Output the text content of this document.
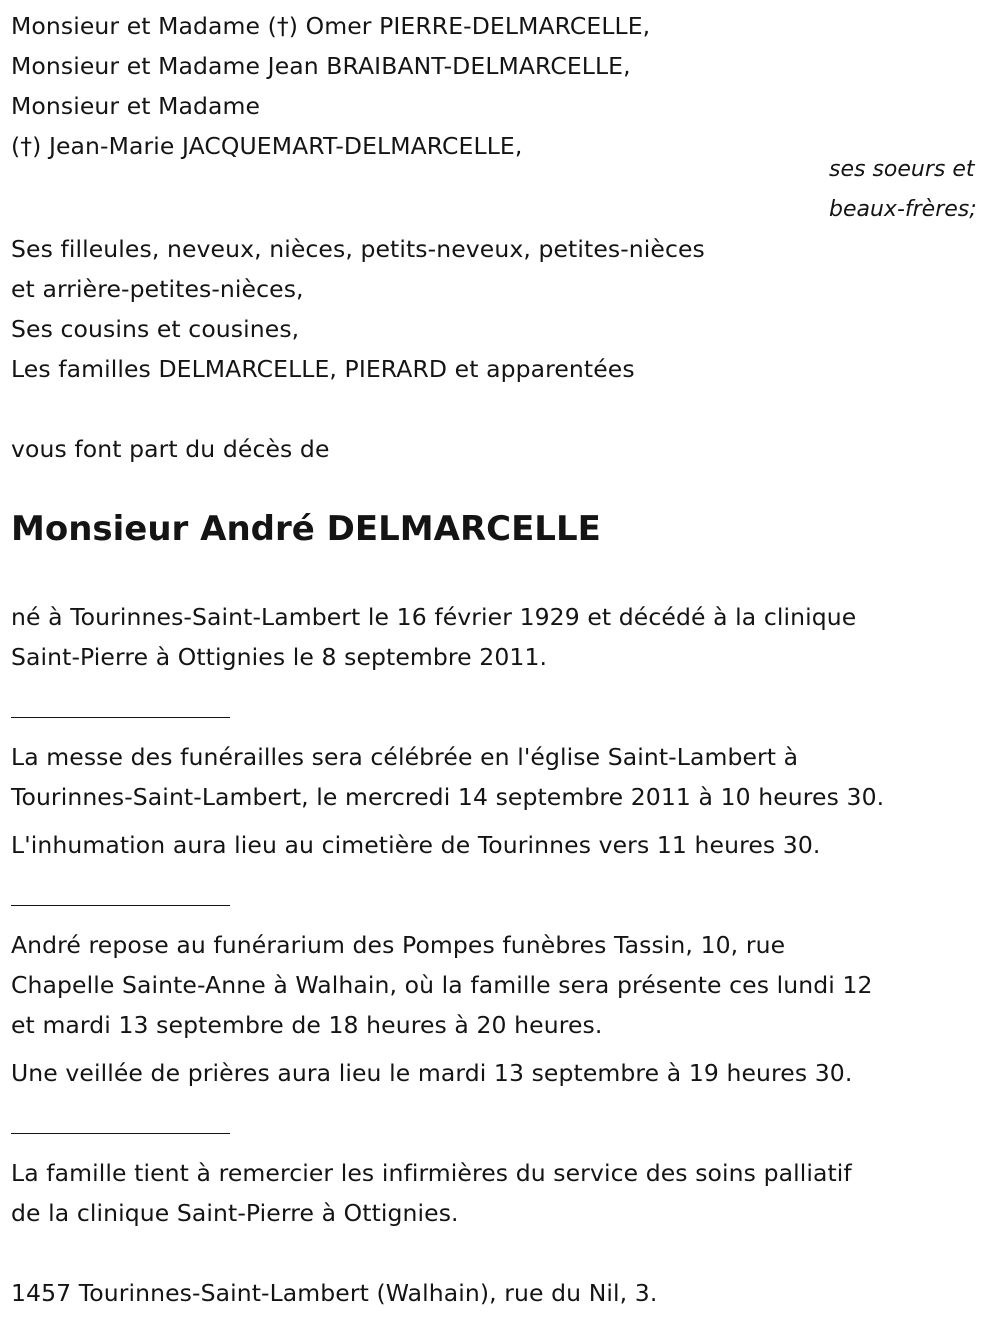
Monsieur et Madame (†) Omer PIERRE-DELMARCELLE,
Monsieur et Madame Jean BRAIBANT-DELMARCELLE,
Monsieur et Madame
(†) Jean-Marie JACQUEMART-DELMARCELLE,
ses soeurs et
beaux-frères;
Ses filleules, neveux, nièces, petits-neveux, petites-nièces
et arrière-petites-nièces,
Ses cousins et cousines,
Les familles DELMARCELLE, PIERARD et apparentées
vous font part du décès de
Monsieur André DELMARCELLE
né à Tourinnes-Saint-Lambert le 16 février 1929 et décédé à la clinique
Saint-Pierre à Ottignies le 8 septembre 2011.
La messe des funérailles sera célébrée en l'église Saint-Lambert à
Tourinnes-Saint-Lambert, le mercredi 14 septembre 2011 à 10 heures 30.
L'inhumation aura lieu au cimetière de Tourinnes vers 11 heures 30.
André repose au funérarium des Pompes funèbres Tassin, 10, rue
Chapelle Sainte-Anne à Walhain, où la famille sera présente ces lundi 12
et mardi 13 septembre de 18 heures à 20 heures.
Une veillée de prières aura lieu le mardi 13 septembre à 19 heures 30.
La famille tient à remercier les infirmières du service des soins palliatif
de la clinique Saint-Pierre à Ottignies.
1457 Tourinnes-Saint-Lambert (Walhain), rue du Nil, 3.
